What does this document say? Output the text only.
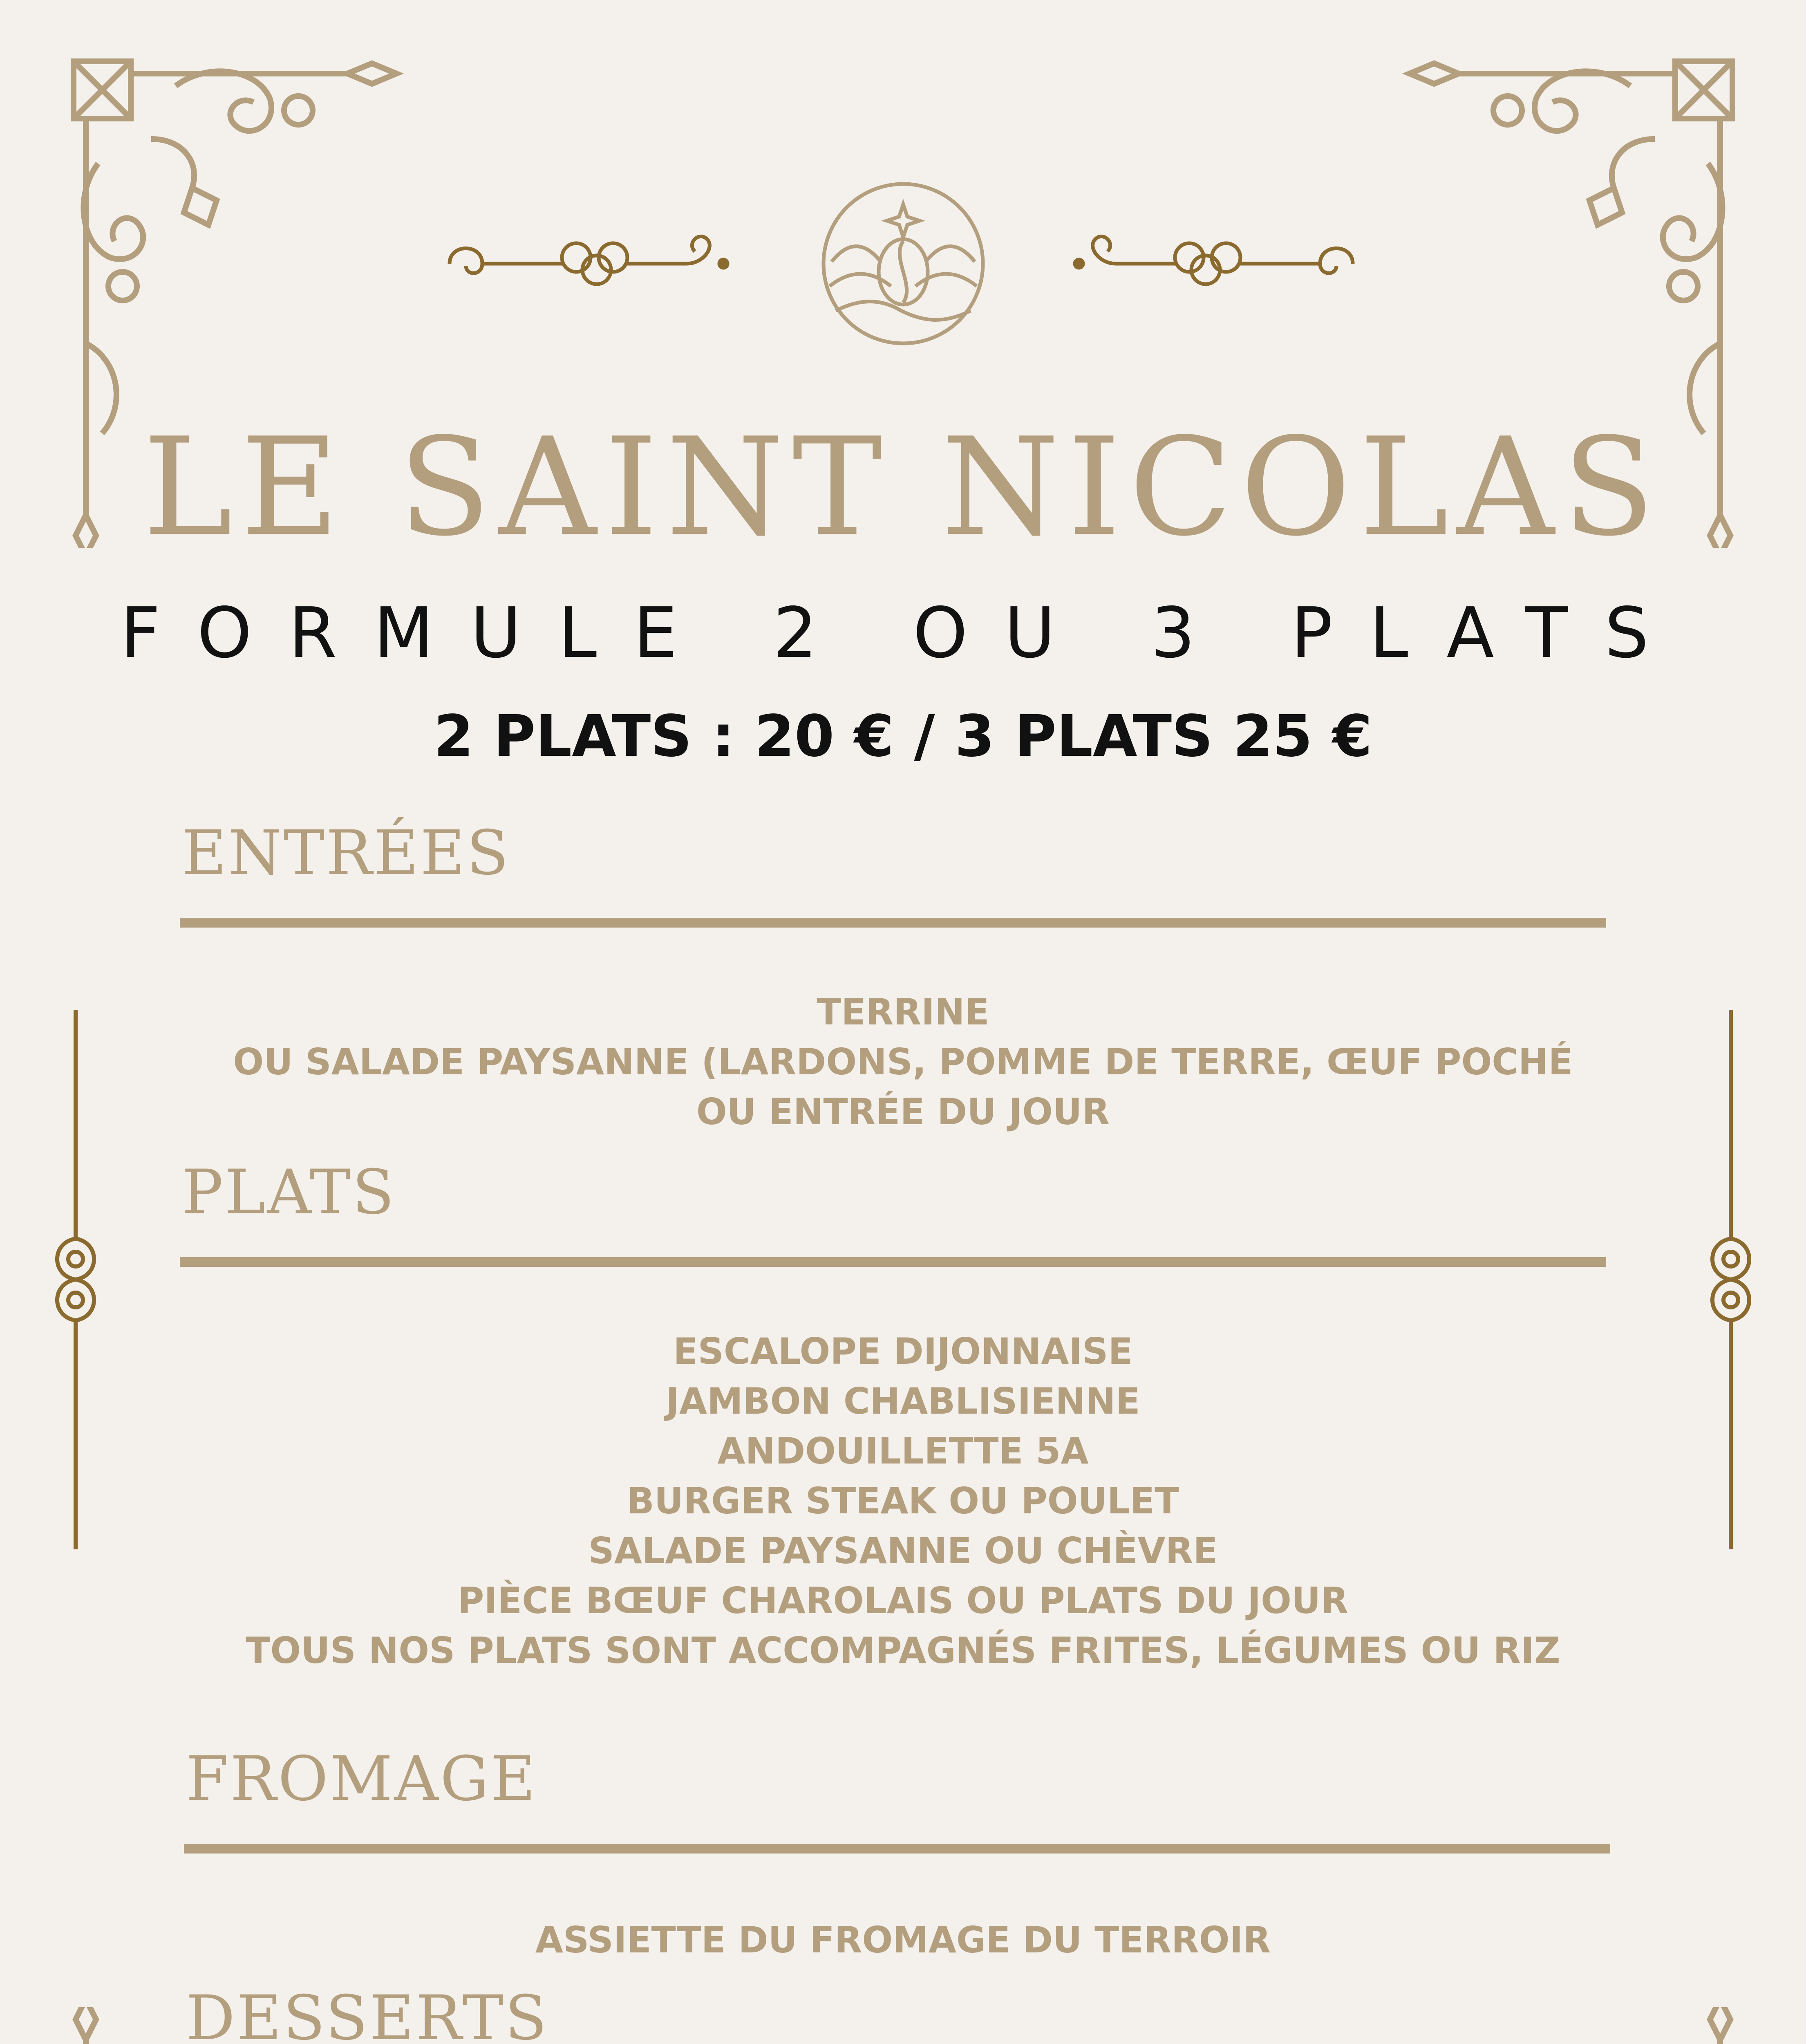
LE SAINT NICOLAS
FORMULE 2 OU 3 PLATS
2 PLATS : 20 € / 3 PLATS 25 €
ENTRÉES
TERRINE
OU SALADE PAYSANNE (LARDONS, POMME DE TERRE, ŒUF POCHÉ
OU ENTRÉE DU JOUR
PLATS
ESCALOPE DIJONNAISE
JAMBON CHABLISIENNE
ANDOUILLETTE 5A
BURGER STEAK OU POULET
SALADE PAYSANNE OU CHÈVRE
PIÈCE BŒUF CHAROLAIS OU PLATS DU JOUR
TOUS NOS PLATS SONT ACCOMPAGNÉS FRITES, LÉGUMES OU RIZ
FROMAGE
ASSIETTE DU FROMAGE DU TERROIR
DESSERTS
